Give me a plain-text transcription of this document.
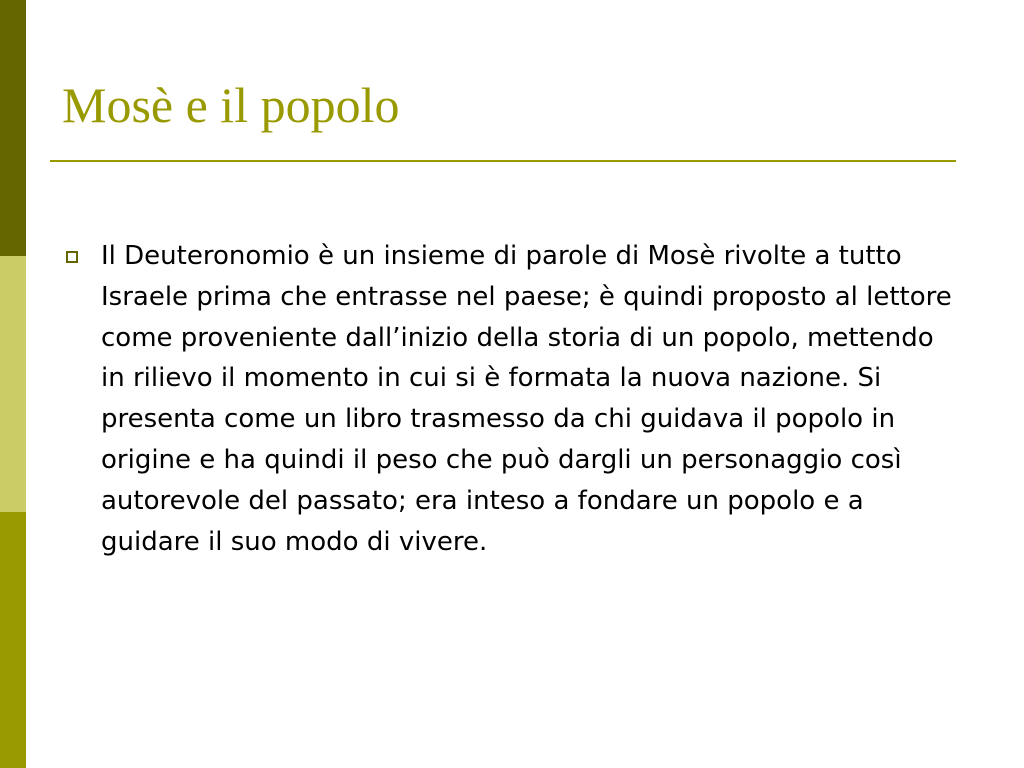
Mosè e il popolo
Il Deuteronomio è un insieme di parole di Mosè rivolte a tutto Israele prima che entrasse nel paese; è quindi proposto al lettore come proveniente dall’inizio della storia di un popolo, mettendo in rilievo il momento in cui si è formata la nuova nazione. Si presenta come un libro trasmesso da chi guidava il popolo in origine e ha quindi il peso che può dargli un personaggio così autorevole del passato; era inteso a fondare un popolo e a guidare il suo modo di vivere.
